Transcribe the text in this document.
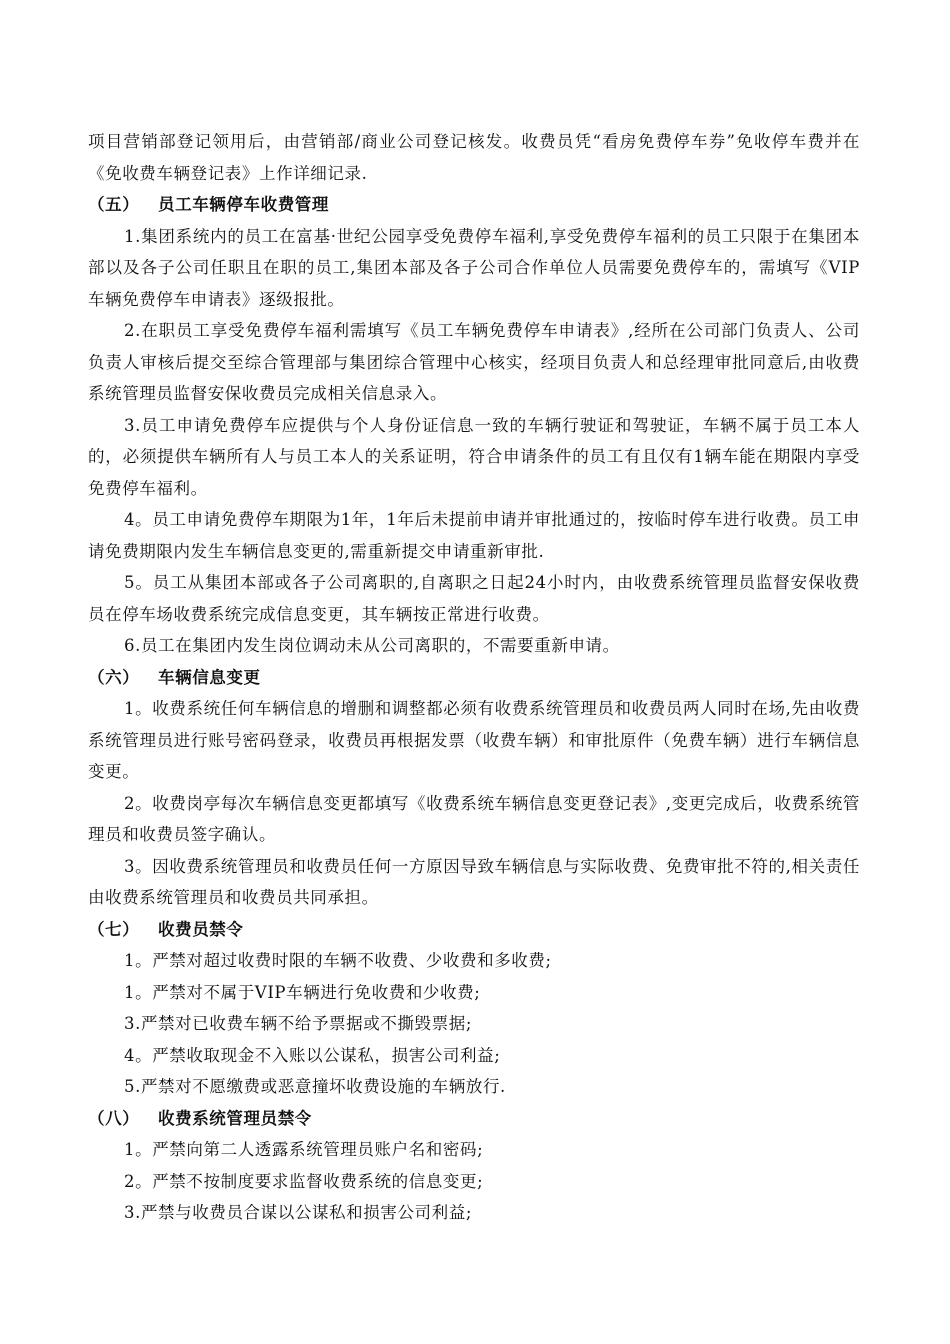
项目营销部登记领用后，由营销部/商业公司登记核发。收费员凭“看房免费停车券”免收停车费并在《免收费车辆登记表》上作详细记录.

（五） 员工车辆停车收费管理

1.集团系统内的员工在富基·世纪公园享受免费停车福利,享受免费停车福利的员工只限于在集团本部以及各子公司任职且在职的员工,集团本部及各子公司合作单位人员需要免费停车的，需填写《VIP车辆免费停车申请表》逐级报批。

2.在职员工享受免费停车福利需填写《员工车辆免费停车申请表》,经所在公司部门负责人、公司负责人审核后提交至综合管理部与集团综合管理中心核实，经项目负责人和总经理审批同意后,由收费系统管理员监督安保收费员完成相关信息录入。

3.员工申请免费停车应提供与个人身份证信息一致的车辆行驶证和驾驶证，车辆不属于员工本人的，必须提供车辆所有人与员工本人的关系证明，符合申请条件的员工有且仅有1辆车能在期限内享受免费停车福利。

4。员工申请免费停车期限为1年，1年后未提前申请并审批通过的，按临时停车进行收费。员工申请免费期限内发生车辆信息变更的,需重新提交申请重新审批.

5。员工从集团本部或各子公司离职的,自离职之日起24小时内，由收费系统管理员监督安保收费员在停车场收费系统完成信息变更，其车辆按正常进行收费。

6.员工在集团内发生岗位调动未从公司离职的，不需要重新申请。

（六） 车辆信息变更

1。收费系统任何车辆信息的增删和调整都必须有收费系统管理员和收费员两人同时在场,先由收费系统管理员进行账号密码登录，收费员再根据发票（收费车辆）和审批原件（免费车辆）进行车辆信息变更。

2。收费岗亭每次车辆信息变更都填写《收费系统车辆信息变更登记表》,变更完成后，收费系统管理员和收费员签字确认。

3。因收费系统管理员和收费员任何一方原因导致车辆信息与实际收费、免费审批不符的,相关责任由收费系统管理员和收费员共同承担。

（七） 收费员禁令

1。严禁对超过收费时限的车辆不收费、少收费和多收费;

1。严禁对不属于VIP车辆进行免收费和少收费;

3.严禁对已收费车辆不给予票据或不撕毁票据;

4。严禁收取现金不入账以公谋私，损害公司利益;

5.严禁对不愿缴费或恶意撞坏收费设施的车辆放行.

（八） 收费系统管理员禁令

1。严禁向第二人透露系统管理员账户名和密码;

2。严禁不按制度要求监督收费系统的信息变更;

3.严禁与收费员合谋以公谋私和损害公司利益;
